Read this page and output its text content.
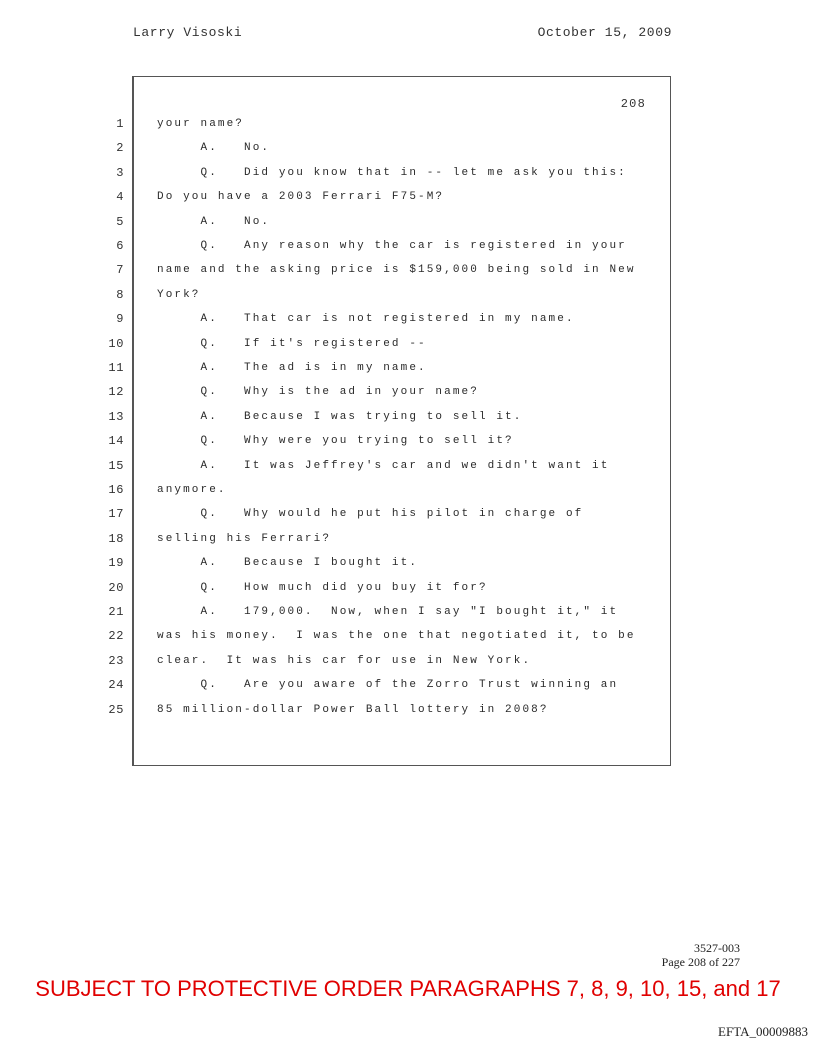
Larry Visoski	October 15, 2009
208
1	your name?
2	A.   No.
3	Q.   Did you know that in -- let me ask you this:
4	Do you have a 2003 Ferrari F75-M?
5	A.   No.
6	Q.   Any reason why the car is registered in your
7	name and the asking price is $159,000 being sold in New
8	York?
9	A.   That car is not registered in my name.
10	Q.   If it's registered --
11	A.   The ad is in my name.
12	Q.   Why is the ad in your name?
13	A.   Because I was trying to sell it.
14	Q.   Why were you trying to sell it?
15	A.   It was Jeffrey's car and we didn't want it
16	anymore.
17	Q.   Why would he put his pilot in charge of
18	selling his Ferrari?
19	A.   Because I bought it.
20	Q.   How much did you buy it for?
21	A.   179,000.  Now, when I say "I bought it," it
22	was his money.  I was the one that negotiated it, to be
23	clear.  It was his car for use in New York.
24	Q.   Are you aware of the Zorro Trust winning an
25	85 million-dollar Power Ball lottery in 2008?
3527-003
Page 208 of 227
SUBJECT TO PROTECTIVE ORDER PARAGRAPHS 7, 8, 9, 10, 15, and 17
EFTA_00009883
